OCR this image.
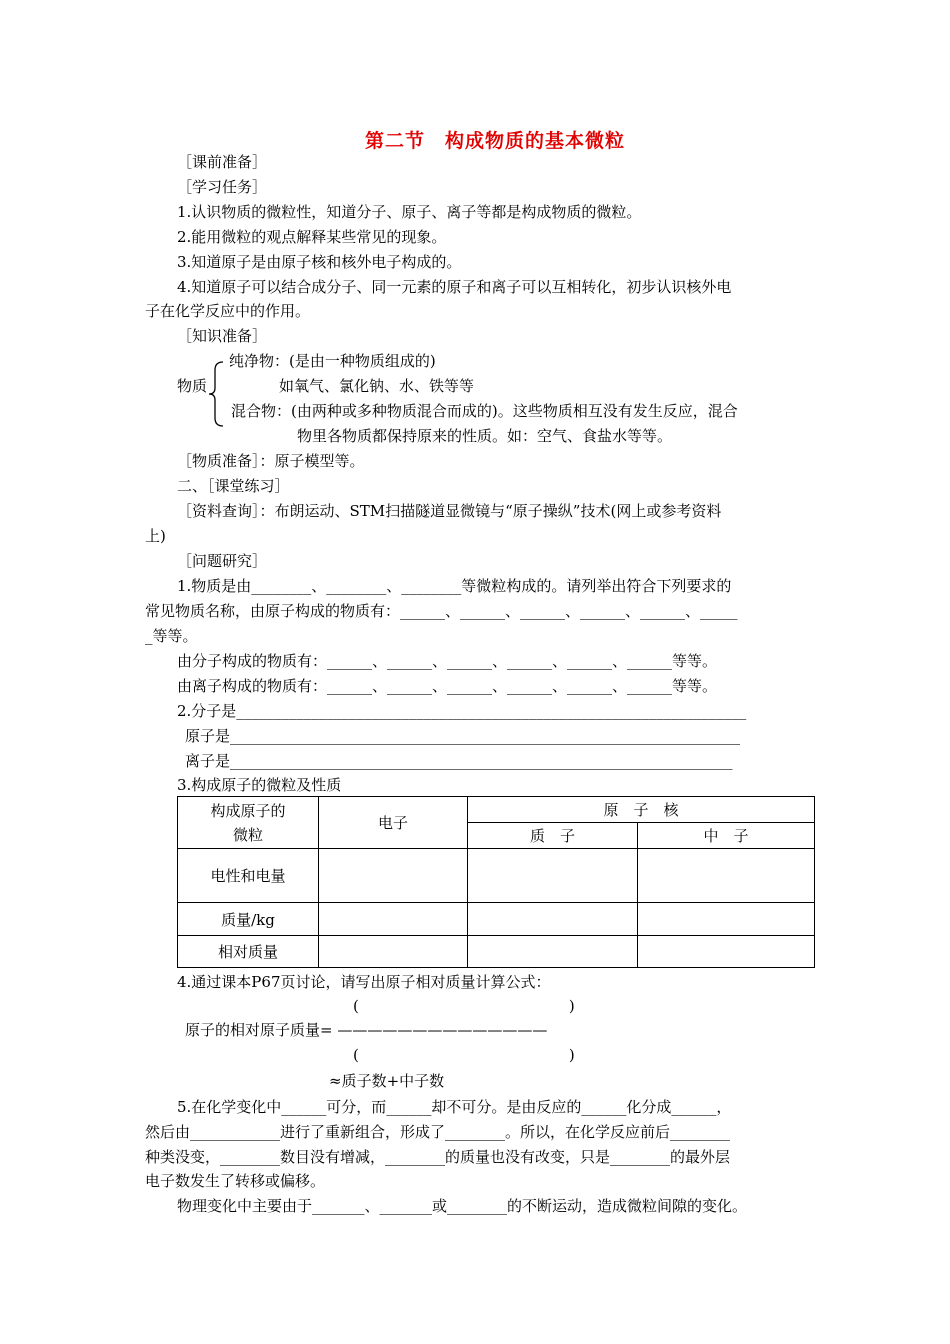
第二节　构成物质的基本微粒
［课前准备］
［学习任务］
1.认识物质的微粒性，知道分子、原子、离子等都是构成物质的微粒。
2.能用微粒的观点解释某些常见的现象。
3.知道原子是由原子核和核外电子构成的。
4.知道原子可以结合成分子、同一元素的原子和离子可以互相转化，初步认识核外电
子在化学反应中的作用。
［知识准备］
纯净物：(是由一种物质组成的)
物质	如氧气、氯化钠、水、铁等等
混合物：(由两种或多种物质混合而成的)。这些物质相互没有发生反应，混合
物里各物质都保持原来的性质。如：空气、食盐水等等。
［物质准备］：原子模型等。
二、［课堂练习］
［资料查询］：布朗运动、STM扫描隧道显微镜与“原子操纵”技术(网上或参考资料
上)
［问题研究］
1.物质是由________、________、________等微粒构成的。请列举出符合下列要求的
常见物质名称，由原子构成的物质有：______、______、______、______、______、_____
_等等。
由分子构成的物质有：______、______、______、______、______、______等等。
由离子构成的物质有：______、______、______、______、______、______等等。
2.分子是____________________________________________________________________
原子是____________________________________________________________________
离子是___________________________________________________________________
3.构成原子的微粒及性质
构成原子的
微粒	电子	原　子　核	
		质　子	中　子
电性和电量			
质量/kg			
相对质量			
4.通过课本P67页讨论，请写出原子相对质量计算公式：
(　　　　　　　　　　　　　　)
原子的相对原子质量= ——————————————
(　　　　　　　　　　　　　　)
≈质子数+中子数
5.在化学变化中______可分，而______却不可分。是由反应的______化分成______，
然后由____________进行了重新组合，形成了________。所以，在化学反应前后________
种类没变，________数目没有增减，________的质量也没有改变，只是________的最外层
电子数发生了转移或偏移。
物理变化中主要由于_______、_______或________的不断运动，造成微粒间隙的变化。
